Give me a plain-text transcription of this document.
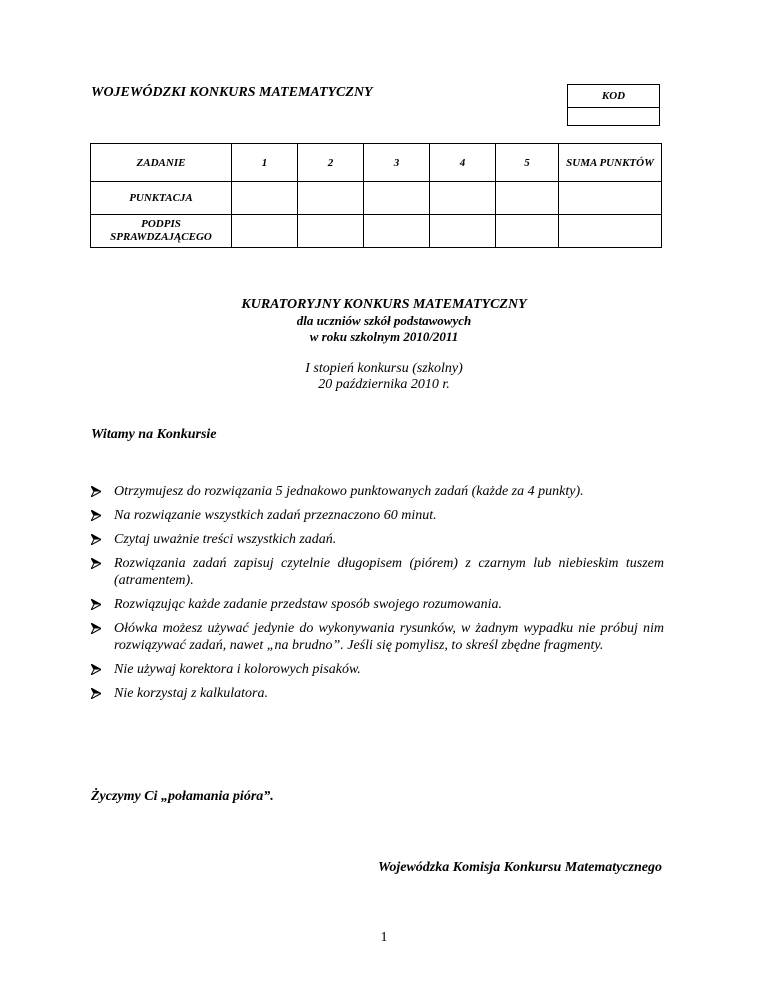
WOJEWÓDZKI KONKURS MATEMATYCZNY	KOD
ZADANIE	1	2	3	4	5	SUMA PUNKTÓW
PUNKTACJA						
PODPIS SPRAWDZAJĄCEGO						
KURATORYJNY KONKURS MATEMATYCZNY
dla uczniów szkół podstawowych
w roku szkolnym 2010/2011
I stopień konkursu (szkolny)
20 października 2010 r.
Witamy na Konkursie
Otrzymujesz do rozwiązania 5 jednakowo punktowanych zadań (każde za 4 punkty).
Na rozwiązanie wszystkich zadań przeznaczono 60 minut.
Czytaj uważnie treści wszystkich zadań.
Rozwiązania zadań zapisuj czytelnie długopisem (piórem) z czarnym lub niebieskim tuszem (atramentem).
Rozwiązując każde zadanie przedstaw sposób swojego rozumowania.
Ołówka możesz używać jedynie do wykonywania rysunków, w żadnym wypadku nie próbuj nim rozwiązywać zadań, nawet „na brudno”. Jeśli się pomylisz, to skreśl zbędne fragmenty.
Nie używaj korektora i kolorowych pisaków.
Nie korzystaj z kalkulatora.
Życzymy Ci „połamania pióra”.
Wojewódzka Komisja Konkursu Matematycznego
1
